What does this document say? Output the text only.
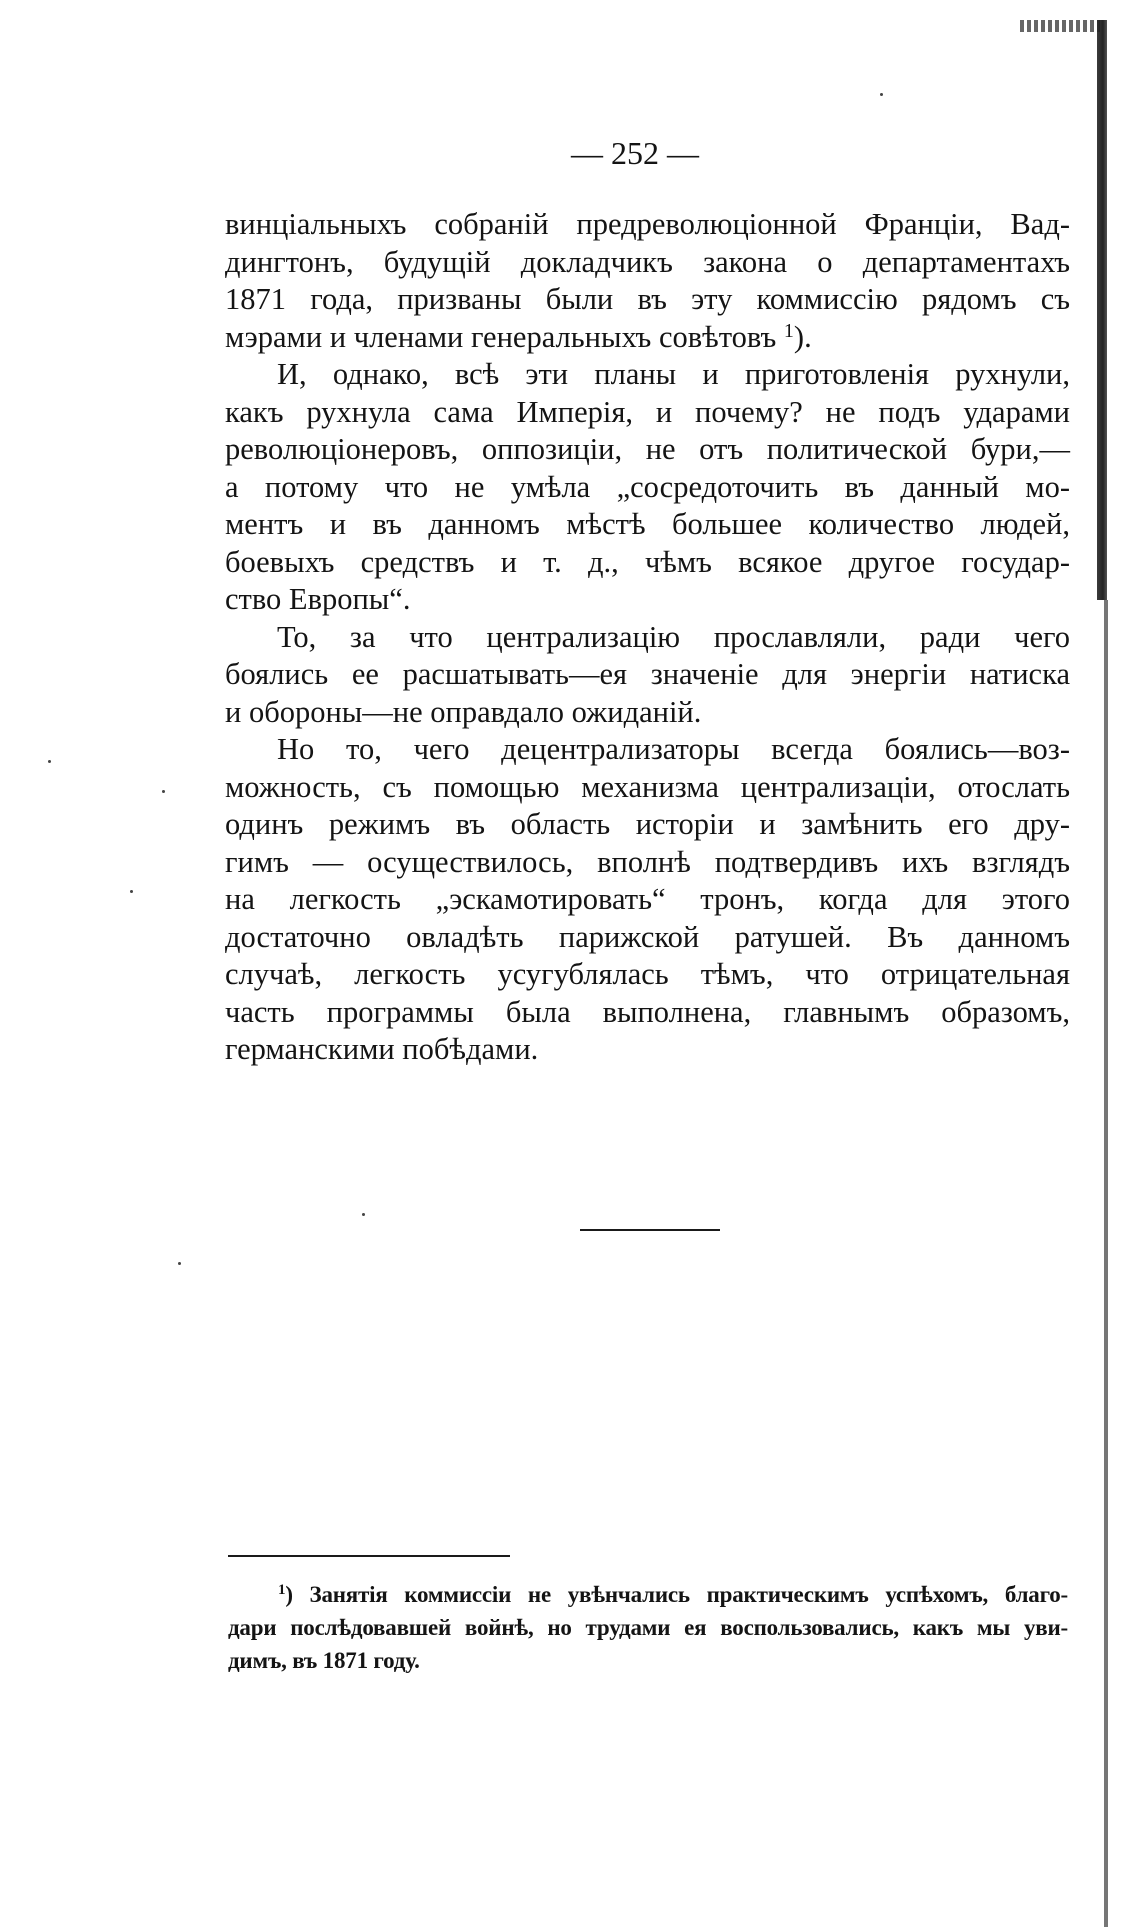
— 252 —
винціальныхъ собраній предреволюціонной Франціи, Вад-
дингтонъ, будущій докладчикъ закона о департаментахъ
1871 года, призваны были въ эту коммиссію рядомъ съ
мэрами и членами генеральныхъ совѣтовъ $^1$).
И, однако, всѣ эти планы и приготовленія рухнули,
какъ рухнула сама Имперія, и почему? не подъ ударами
революціонеровъ, оппозиціи, не отъ политической бури,—
а потому что не умѣла „сосредоточить въ данный мо-
ментъ и въ данномъ мѣстѣ большее количество людей,
боевыхъ средствъ и т. д., чѣмъ всякое другое государ-
ство Европы“.
То, за что централизацію прославляли, ради чего
боялись ее расшатывать—ея значеніе для энергіи натиска
и обороны—не оправдало ожиданій.
Но то, чего децентрализаторы всегда боялись—воз-
можность, съ помощью механизма централизаціи, отослать
одинъ режимъ въ область исторіи и замѣнить его дру-
гимъ — осуществилось, вполнѣ подтвердивъ ихъ взглядъ
на легкость „эскамотировать“ тронъ, когда для этого
достаточно овладѣть парижской ратушей. Въ данномъ
случаѣ, легкость усугублялась тѣмъ, что отрицательная
часть программы была выполнена, главнымъ образомъ,
германскими побѣдами.
$^1$) Занятія коммиссіи не увѣнчались практическимъ успѣхомъ, благо-
дари послѣдовавшей войнѣ, но трудами ея воспользовались, какъ мы уви-
димъ, въ 1871 году.
